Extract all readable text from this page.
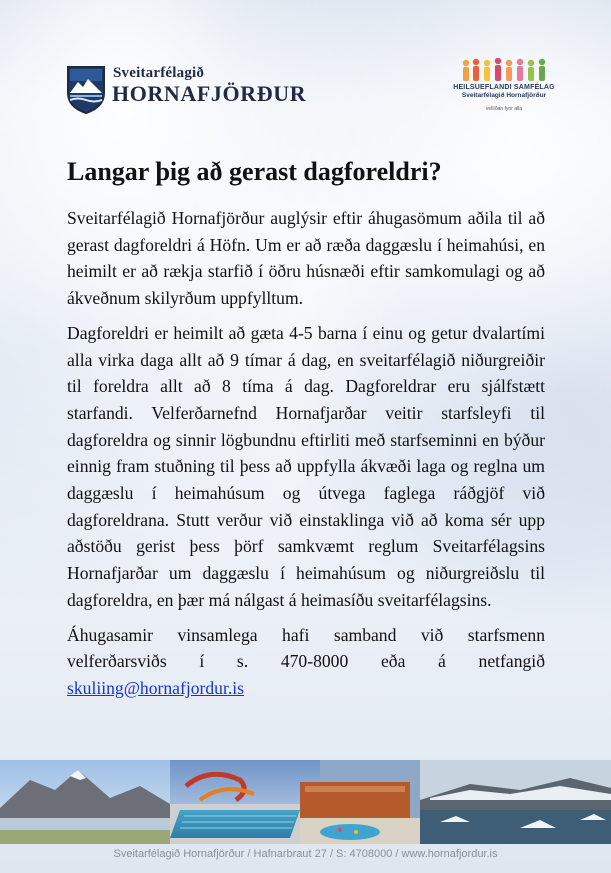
Sveitarfélagið
HORNAFJÖRÐUR	HEILSUEFLANDI SAMFÉLAG
Sveitarfélagið Hornafjörður
vellíðan fyrir alla
Langar þig að gerast dagforeldri?

Sveitarfélagið Hornafjörður auglýsir eftir áhugasömum aðila til að gerast dagforeldri á Höfn. Um er að ræða daggæslu í heimahúsi, en heimilt er að rækja starfið í öðru húsnæði eftir samkomulagi og að ákveðnum skilyrðum uppfylltum.

Dagforeldri er heimilt að gæta 4-5 barna í einu og getur dvalartími alla virka daga allt að 9 tímar á dag, en sveitarfélagið niðurgreiðir til foreldra allt að 8 tíma á dag. Dagforeldrar eru sjálfstætt starfandi. Velferðarnefnd Hornafjarðar veitir starfsleyfi til dagforeldra og sinnir lögbundnu eftirliti með starfseminni en býður einnig fram stuðning til þess að uppfylla ákvæði laga og reglna um daggæslu í heimahúsum og útvega faglega ráðgjöf við dagforeldrana. Stutt verður við einstaklinga við að koma sér upp aðstöðu gerist þess þörf samkvæmt reglum Sveitarfélagsins Hornafjarðar um daggæslu í heimahúsum og niðurgreiðslu til dagforeldra, en þær má nálgast á heimasíðu sveitarfélagsins.

Áhugasamir vinsamlega hafi samband við starfsmenn velferðarsviðs í s. 470-8000 eða á netfangið skuliing@hornafjordur.is

Sveitarfélagið Hornafjörður / Hafnarbraut 27 / S: 4708000 / www.hornafjordur.is
